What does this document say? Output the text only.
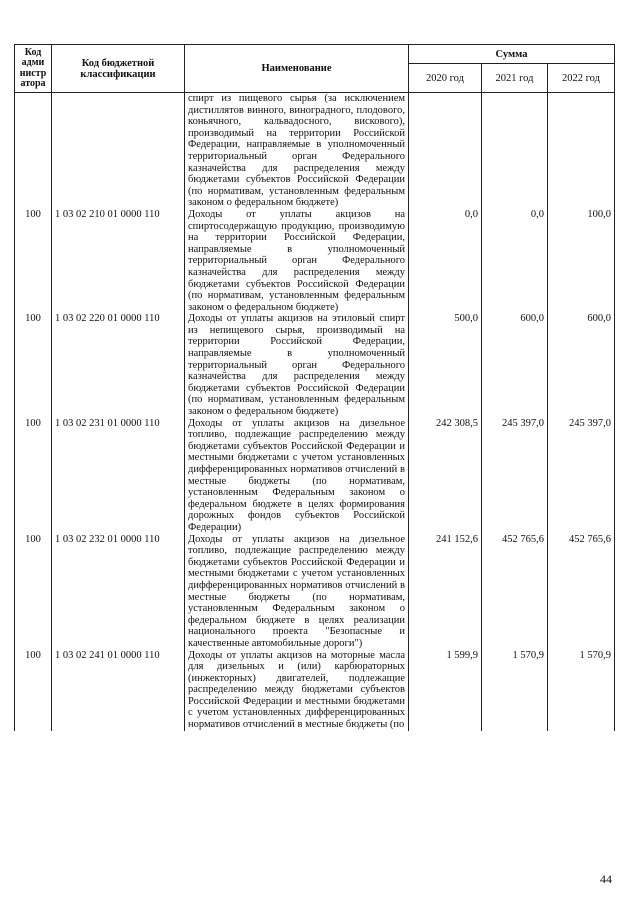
Код адми нистр атора	Код бюджетной классификации	Наименование	Сумма		
			2020 год	2021 год	2022 год
		спирт из пищевого сырья (за исключением дистиллятов винного, виноградного, плодового, коньячного, кальвадосного, вискового), производимый на территории Российской Федерации, направляемые в уполномоченный территориальный орган Федерального казначейства для распределения между бюджетами субъектов Российской Федерации (по нормативам, установленным федеральным законом о федеральном бюджете)			
100	1 03 02 210 01 0000 110	Доходы от уплаты акцизов на спиртосодержащую продукцию, производимую на территории Российской Федерации, направляемые в уполномоченный территориальный орган Федерального казначейства для распределения между бюджетами субъектов Российской Федерации (по нормативам, установленным федеральным законом о федеральном бюджете)	0,0	0,0	100,0
100	1 03 02 220 01 0000 110	Доходы от уплаты акцизов на этиловый спирт из непищевого сырья, производимый на территории Российской Федерации, направляемые в уполномоченный территориальный орган Федерального казначейства для распределения между бюджетами субъектов Российской Федерации (по нормативам, установленным федеральным законом о федеральном бюджете)	500,0	600,0	600,0
100	1 03 02 231 01 0000 110	Доходы от уплаты акцизов на дизельное топливо, подлежащие распределению между бюджетами субъектов Российской Федерации и местными бюджетами с учетом установленных дифференцированных нормативов отчислений в местные бюджеты (по нормативам, установленным Федеральным законом о федеральном бюджете в целях формирования дорожных фондов субъектов Российской Федерации)	242 308,5	245 397,0	245 397,0
100	1 03 02 232 01 0000 110	Доходы от уплаты акцизов на дизельное топливо, подлежащие распределению между бюджетами субъектов Российской Федерации и местными бюджетами с учетом установленных дифференцированных нормативов отчислений в местные бюджеты (по нормативам, установленным Федеральным законом о федеральном бюджете в целях реализации национального проекта "Безопасные и качественные автомобильные дороги")	241 152,6	452 765,6	452 765,6
100	1 03 02 241 01 0000 110	Доходы от уплаты акцизов на моторные масла для дизельных и (или) карбюраторных (инжекторных) двигателей, подлежащие распределению между бюджетами субъектов Российской Федерации и местными бюджетами с учетом установленных дифференцированных нормативов отчислений в местные бюджеты (по	1 599,9	1 570,9	1 570,9
44
